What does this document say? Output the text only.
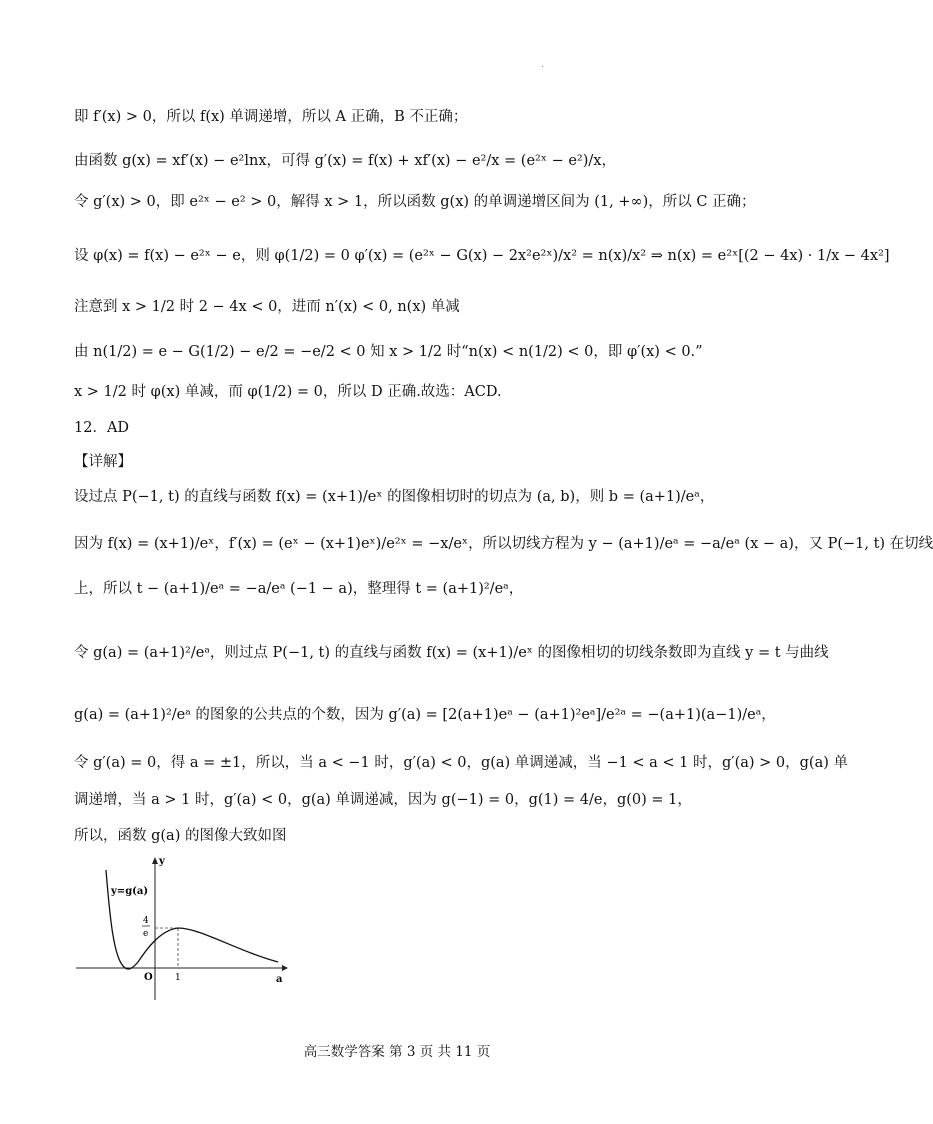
·
即 f′(x) > 0，所以 f(x) 单调递增，所以 A 正确，B 不正确；
由函数 g(x) = xf′(x) − e²lnx，可得 g′(x) = f(x) + xf′(x) − e²/x = (e²ˣ − e²)/x，
令 g′(x) > 0，即 e²ˣ − e² > 0，解得 x > 1，所以函数 g(x) 的单调递增区间为 (1, +∞)，所以 C 正确；
设 φ(x) = f(x) − e²ˣ − e，则 φ(1/2) = 0 φ′(x) = (e²ˣ − G(x) − 2x²e²ˣ)/x² = n(x)/x² ⇒ n(x) = e²ˣ[(2 − 4x) · 1/x − 4x²]
注意到 x > 1/2 时 2 − 4x < 0，进而 n′(x) < 0, n(x) 单减
由 n(1/2) = e − G(1/2) − e/2 = −e/2 < 0 知 x > 1/2 时“n(x) < n(1/2) < 0，即 φ′(x) < 0.”
x > 1/2 时 φ(x) 单减，而 φ(1/2) = 0，所以 D 正确.故选：ACD.
12．AD
【详解】
设过点 P(−1, t) 的直线与函数 f(x) = (x+1)/eˣ 的图像相切时的切点为 (a, b)，则 b = (a+1)/eᵃ，
因为 f(x) = (x+1)/eˣ，f′(x) = (eˣ − (x+1)eˣ)/e²ˣ = −x/eˣ，所以切线方程为 y − (a+1)/eᵃ = −a/eᵃ (x − a)，又 P(−1, t) 在切线
上，所以 t − (a+1)/eᵃ = −a/eᵃ (−1 − a)，整理得 t = (a+1)²/eᵃ，
令 g(a) = (a+1)²/eᵃ，则过点 P(−1, t) 的直线与函数 f(x) = (x+1)/eˣ 的图像相切的切线条数即为直线 y = t 与曲线
g(a) = (a+1)²/eᵃ 的图象的公共点的个数，因为 g′(a) = [2(a+1)eᵃ − (a+1)²eᵃ]/e²ᵃ = −(a+1)(a−1)/eᵃ，
令 g′(a) = 0，得 a = ±1，所以，当 a < −1 时，g′(a) < 0，g(a) 单调递减，当 −1 < a < 1 时，g′(a) > 0，g(a) 单
调递增，当 a > 1 时，g′(a) < 0，g(a) 单调递减，因为 g(−1) = 0，g(1) = 4/e，g(0) = 1，
所以，函数 g(a) 的图像大致如图
y=g(a)
y
a
O 1
4
e
高三数学答案 第 3 页 共 11 页
